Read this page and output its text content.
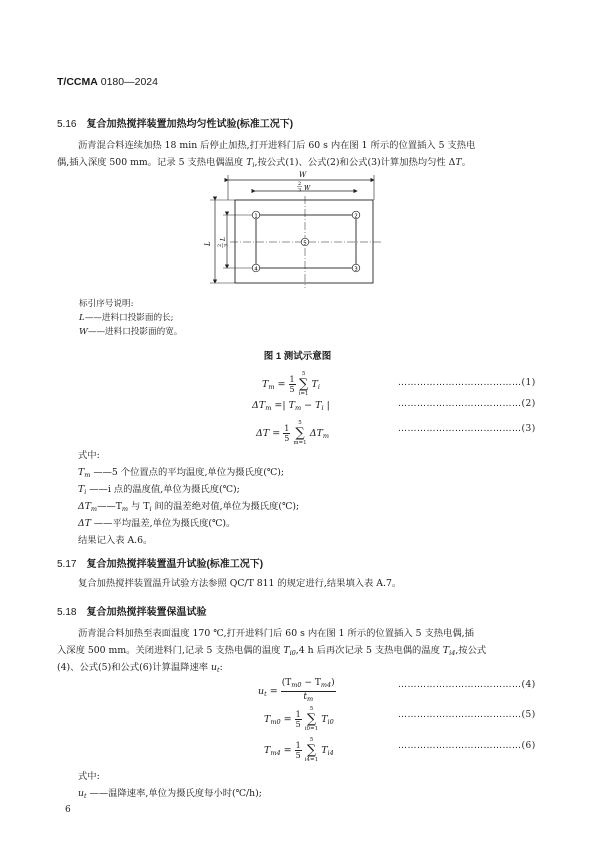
T/CCMA 0180—2024
5.16 复合加热搅拌装置加热均匀性试验(标准工况下)
沥青混合料连续加热 18 min 后停止加热,打开进料门后 60 s 内在图 1 所示的位置插入 5 支热电
偶,插入深度 500 mm。记录 5 支热电偶温度 $T_i$,按公式(1)、公式(2)和公式(3)计算加热均匀性 ΔT。
W
2
3 W
L 2 3
L
1	2
3
4
5
标引序号说明:
L——进料口投影面的长;
W——进料口投影面的宽。
图 1 测试示意图
$T_m = \frac{1}{5}$

5
∑
i=1
$T_i$	…………………………………(1)
$\Delta T_m$ =| $T_m - T_i$ |	…………………………………(2)
$\Delta T = \frac{1}{5}$

5
∑
m=1
$\Delta T_m$
…………………………………(3)
式中:
$T_m$ ——5 个位置点的平均温度,单位为摄氏度(℃);
$T_i$ ——i 点的温度值,单位为摄氏度(℃);
$\Delta T_m——T_m$ 与 $T_i$ 间的温差绝对值,单位为摄氏度(℃);
ΔT ——平均温差,单位为摄氏度(℃)。
结果记入表 A.6。
5.17 复合加热搅拌装置温升试验(标准工况下)
复合加热搅拌装置温升试验方法参照 QC/T 811 的规定进行,结果填入表 A.7。
5.18 复合加热搅拌装置保温试验
沥青混合料加热至表面温度 170 ℃,打开进料门后 60 s 内在图 1 所示的位置插入 5 支热电偶,插
入深度 500 mm。关闭进料门,记录 5 支热电偶的温度 $T_{i0},4$ h 后再次记录 5 支热电偶的温度 $T_{i4}$,按公式
(4)、公式(5)和公式(6)计算温降速率 $u_t$:
$u_t = \frac{(T_{m0} - T_{m4})}{t_m}$	…………………………………(4)
$T_{m0} = \frac{1}{5}$

5
∑
i0=1
$T_{i0}$
…………………………………(5)
$T_{m4} = \frac{1}{5}$

5
∑
i4=1
$T_{i4}$
…………………………………(6)
式中:
$u_t$ ——温降速率,单位为摄氏度每小时(℃/h);
6
